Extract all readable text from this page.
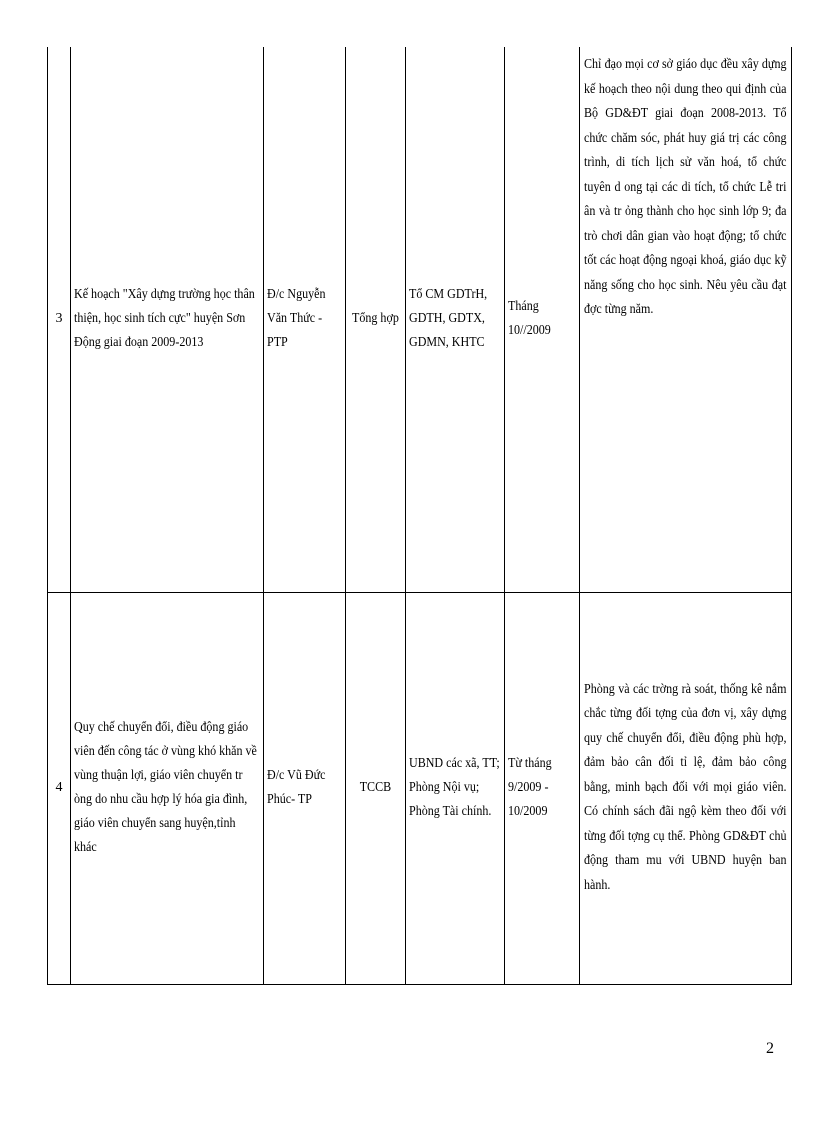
3	Kế hoạch "Xây dựng trường học thân thiện, học sinh tích cực" huyện Sơn Động giai đoạn 2009-2013	Đ/c Nguyễn Văn Thức - PTP	Tổng hợp	Tổ CM GDTrH, GDTH, GDTX, GDMN, KHTC	Tháng 10//2009	Chỉ đạo mọi cơ sở giáo dục đều xây dựng kế hoạch theo nội dung theo qui định của Bộ GD&ĐT giai đoạn 2008-2013. Tổ chức chăm sóc, phát huy giá trị các công trình, di tích lịch sử văn hoá, tổ chức tuyên d ong tại các di tích, tổ chức Lễ tri ân và tr ỏng thành cho học sinh lớp 9; đa trò chơi dân gian vào hoạt động; tổ chức tốt các hoạt động ngoại khoá, giáo dục kỹ năng sống cho học sinh. Nêu yêu cầu đạt đợc từng năm.
4	Quy chế chuyển đổi, điều động giáo viên đến công tác ở vùng khó khăn về vùng thuận lợi, giáo viên chuyển tr òng do nhu cầu hợp lý hóa gia đình, giáo viên chuyển sang huyện,tỉnh khác	Đ/c Vũ Đức Phúc- TP	TCCB	UBND các xã, TT; Phòng Nội vụ; Phòng Tài chính.	Từ tháng 9/2009 - 10/2009	Phòng và các trờng rà soát, thống kê nắm chắc từng đối tợng của đơn vị, xây dựng quy chế chuyển đổi, điều động phù hợp, đảm bảo cân đối tỉ lệ, đảm bảo công bằng, minh bạch đối với mọi giáo viên. Có chính sách đãi ngộ kèm theo đối với từng đối tợng cụ thể. Phòng GD&ĐT chủ động tham mu với UBND huyện ban hành.
2
